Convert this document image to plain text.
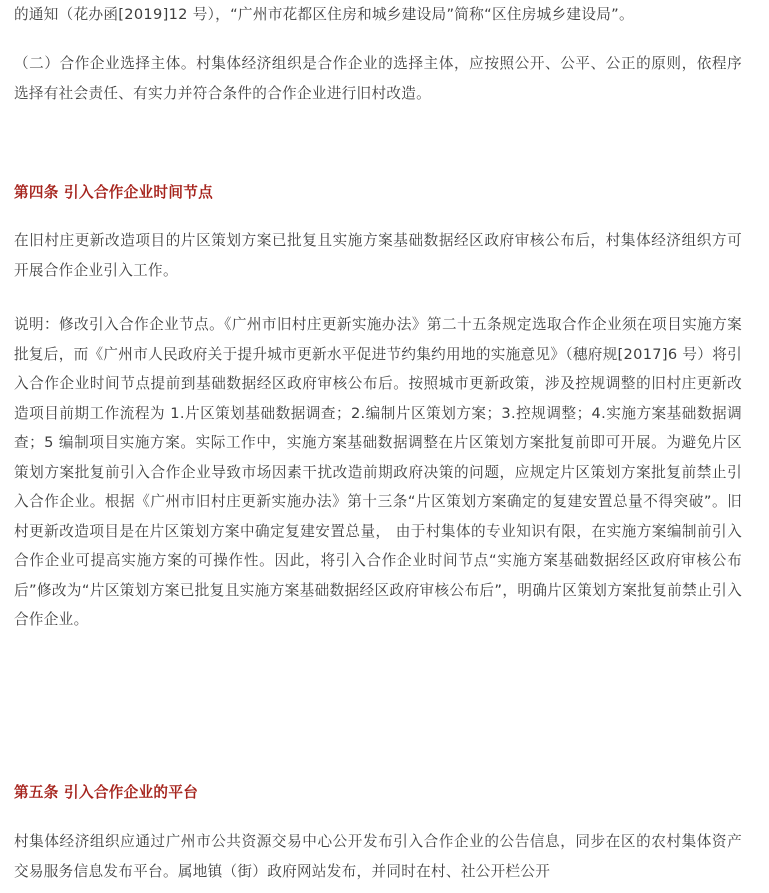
的通知（花办函[2019]12 号），“广州市花都区住房和城乡建设局”简称“区住房城乡建设局”。

（二）合作企业选择主体。村集体经济组织是合作企业的选择主体，应按照公开、公平、公正的原则，依程序选择有社会责任、有实力并符合条件的合作企业进行旧村改造。

第四条 引入合作企业时间节点

在旧村庄更新改造项目的片区策划方案已批复且实施方案基础数据经区政府审核公布后，村集体经济组织方可开展合作企业引入工作。

说明：修改引入合作企业节点。《广州市旧村庄更新实施办法》第二十五条规定选取合作企业须在项目实施方案批复后，而《广州市人民政府关于提升城市更新水平促进节约集约用地的实施意见》（穗府规[2017]6 号）将引入合作企业时间节点提前到基础数据经区政府审核公布后。按照城市更新政策，涉及控规调整的旧村庄更新改造项目前期工作流程为 1.片区策划基础数据调查；2.编制片区策划方案；3.控规调整；4.实施方案基础数据调查；5 编制项目实施方案。实际工作中，实施方案基础数据调整在片区策划方案批复前即可开展。为避免片区策划方案批复前引入合作企业导致市场因素干扰改造前期政府决策的问题，应规定片区策划方案批复前禁止引入合作企业。根据《广州市旧村庄更新实施办法》第十三条“片区策划方案确定的复建安置总量不得突破”。旧村更新改造项目是在片区策划方案中确定复建安置总量， 由于村集体的专业知识有限，在实施方案编制前引入合作企业可提高实施方案的可操作性。因此，将引入合作企业时间节点“实施方案基础数据经区政府审核公布后”修改为“片区策划方案已批复且实施方案基础数据经区政府审核公布后”，明确片区策划方案批复前禁止引入合作企业。

第五条 引入合作企业的平台

村集体经济组织应通过广州市公共资源交易中心公开发布引入合作企业的公告信息，同步在区的农村集体资产交易服务信息发布平台。属地镇（街）政府网站发布，并同时在村、社公开栏公开
